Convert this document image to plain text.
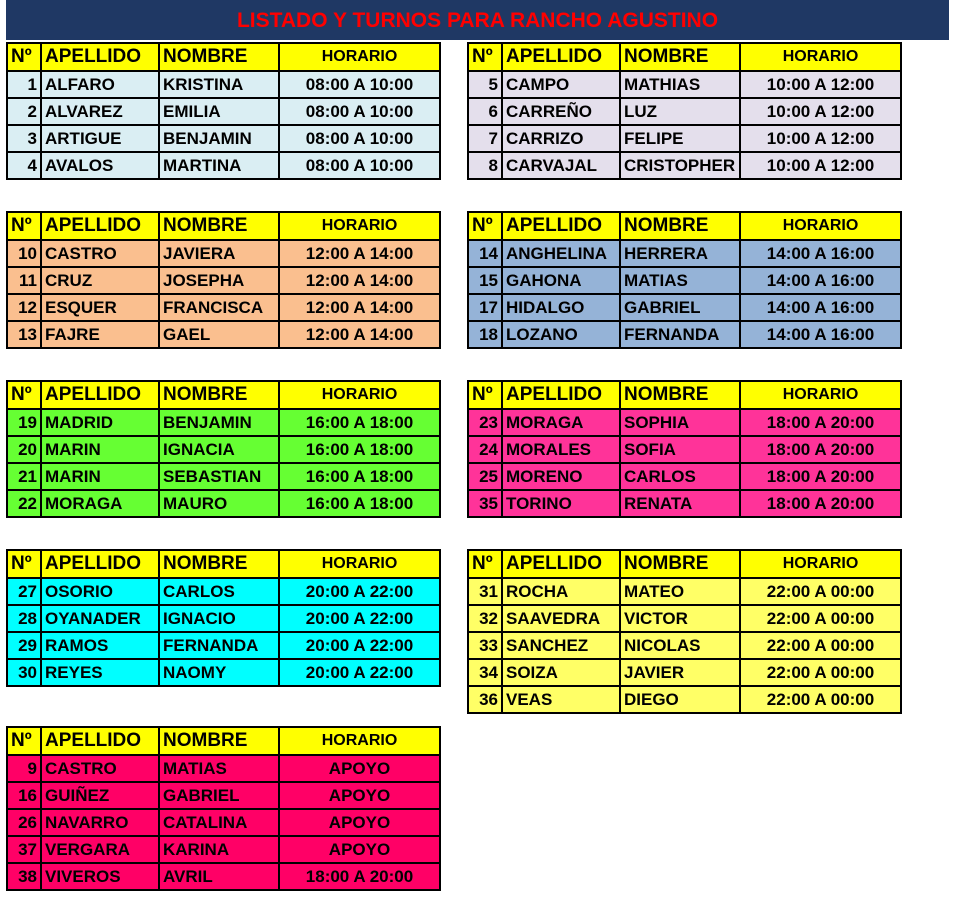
LISTADO Y TURNOS PARA RANCHO AGUSTINO
Nº	APELLIDO	NOMBRE	HORARIO
1	ALFARO	KRISTINA	08:00 A 10:00
2	ALVAREZ	EMILIA	08:00 A 10:00
3	ARTIGUE	BENJAMIN	08:00 A 10:00
4	AVALOS	MARTINA	08:00 A 10:00
Nº	APELLIDO	NOMBRE	HORARIO
5	CAMPO	MATHIAS	10:00 A 12:00
6	CARREÑO	LUZ	10:00 A 12:00
7	CARRIZO	FELIPE	10:00 A 12:00
8	CARVAJAL	CRISTOPHER	10:00 A 12:00
Nº	APELLIDO	NOMBRE	HORARIO
10	CASTRO	JAVIERA	12:00 A 14:00
11	CRUZ	JOSEPHA	12:00 A 14:00
12	ESQUER	FRANCISCA	12:00 A 14:00
13	FAJRE	GAEL	12:00 A 14:00
Nº	APELLIDO	NOMBRE	HORARIO
14	ANGHELINA	HERRERA	14:00 A 16:00
15	GAHONA	MATIAS	14:00 A 16:00
17	HIDALGO	GABRIEL	14:00 A 16:00
18	LOZANO	FERNANDA	14:00 A 16:00
Nº	APELLIDO	NOMBRE	HORARIO
19	MADRID	BENJAMIN	16:00 A 18:00
20	MARIN	IGNACIA	16:00 A 18:00
21	MARIN	SEBASTIAN	16:00 A 18:00
22	MORAGA	MAURO	16:00 A 18:00
Nº	APELLIDO	NOMBRE	HORARIO
23	MORAGA	SOPHIA	18:00 A 20:00
24	MORALES	SOFIA	18:00 A 20:00
25	MORENO	CARLOS	18:00 A 20:00
35	TORINO	RENATA	18:00 A 20:00
Nº	APELLIDO	NOMBRE	HORARIO
27	OSORIO	CARLOS	20:00 A 22:00
28	OYANADER	IGNACIO	20:00 A 22:00
29	RAMOS	FERNANDA	20:00 A 22:00
30	REYES	NAOMY	20:00 A 22:00
Nº	APELLIDO	NOMBRE	HORARIO
31	ROCHA	MATEO	22:00 A 00:00
32	SAAVEDRA	VICTOR	22:00 A 00:00
33	SANCHEZ	NICOLAS	22:00 A 00:00
34	SOIZA	JAVIER	22:00 A 00:00
36	VEAS	DIEGO	22:00 A 00:00
Nº	APELLIDO	NOMBRE	HORARIO
9	CASTRO	MATIAS	APOYO
16	GUIÑEZ	GABRIEL	APOYO
26	NAVARRO	CATALINA	APOYO
37	VERGARA	KARINA	APOYO
38	VIVEROS	AVRIL	18:00 A 20:00
